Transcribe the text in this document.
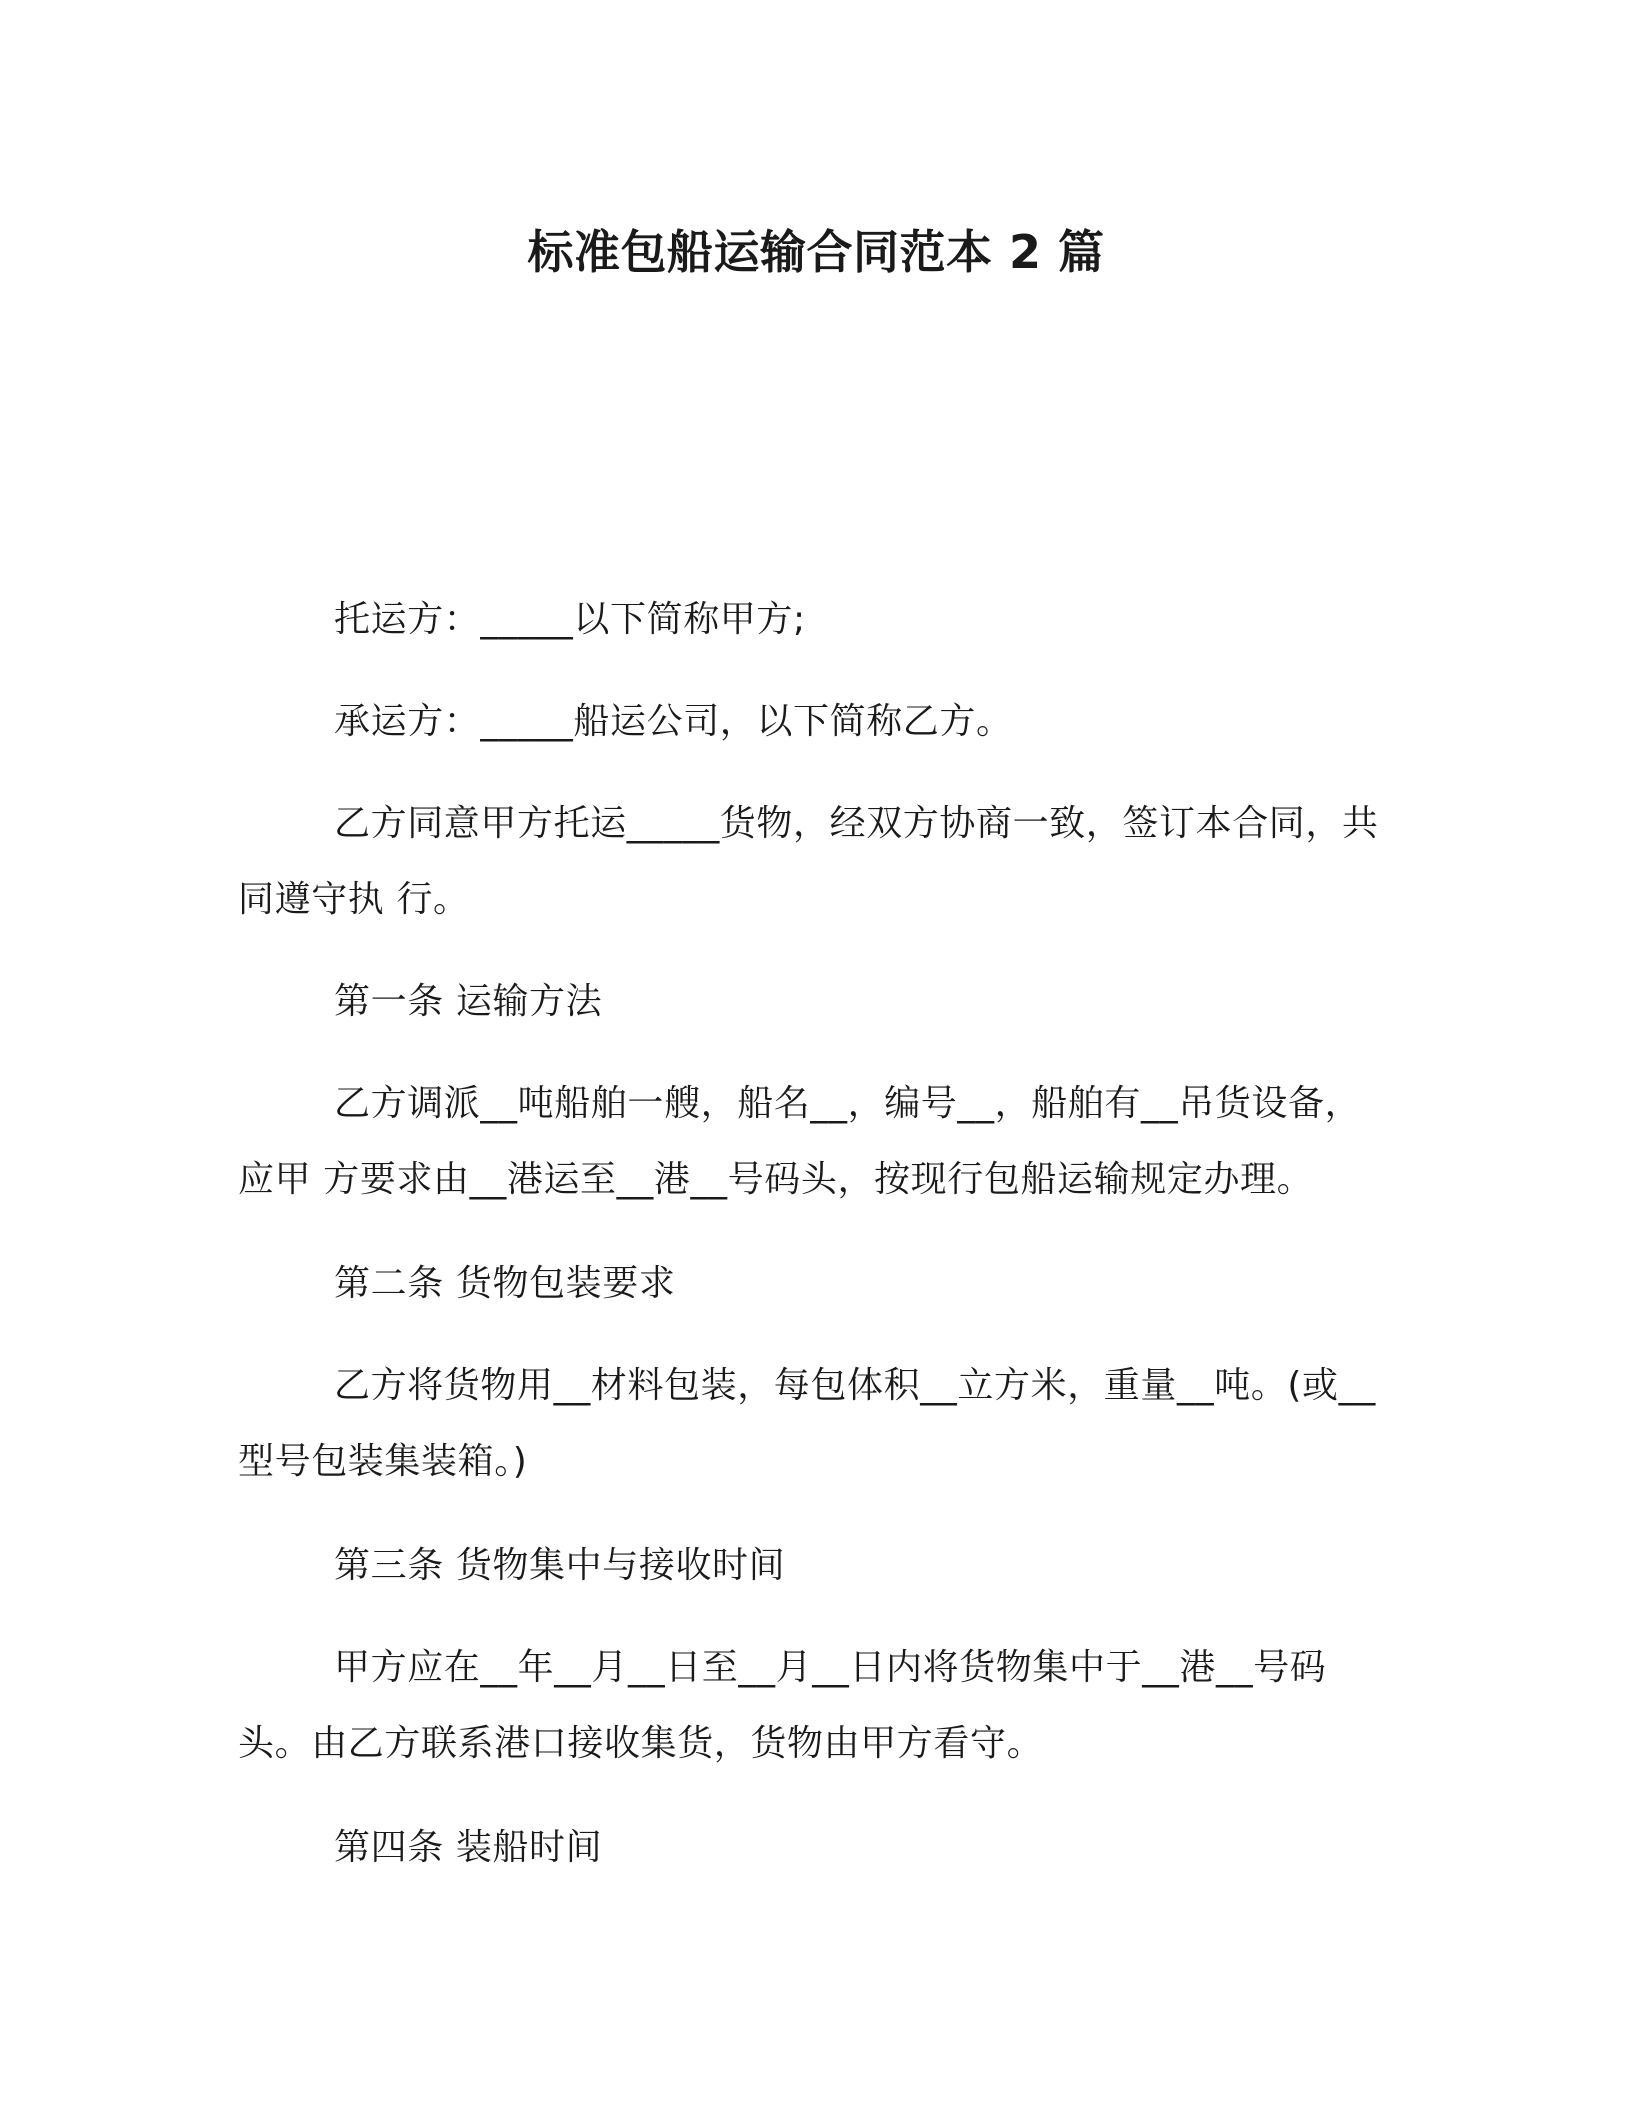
标准包船运输合同范本 2 篇

托运方：_____以下简称甲方;

承运方：_____船运公司，以下简称乙方。

乙方同意甲方托运_____货物，经双方协商一致，签订本合同，共同遵守执 行。

第一条 运输方法

乙方调派__吨船舶一艘，船名__，编号__，船舶有__吊货设备，应甲 方要求由__港运至__港__号码头，按现行包船运输规定办理。

第二条 货物包装要求

乙方将货物用__材料包装，每包体积__立方米，重量__吨。(或__型号包装集装箱。)

第三条 货物集中与接收时间

甲方应在__年__月__日至__月__日内将货物集中于__港__号码头。由乙方联系港口接收集货，货物由甲方看守。

第四条 装船时间
